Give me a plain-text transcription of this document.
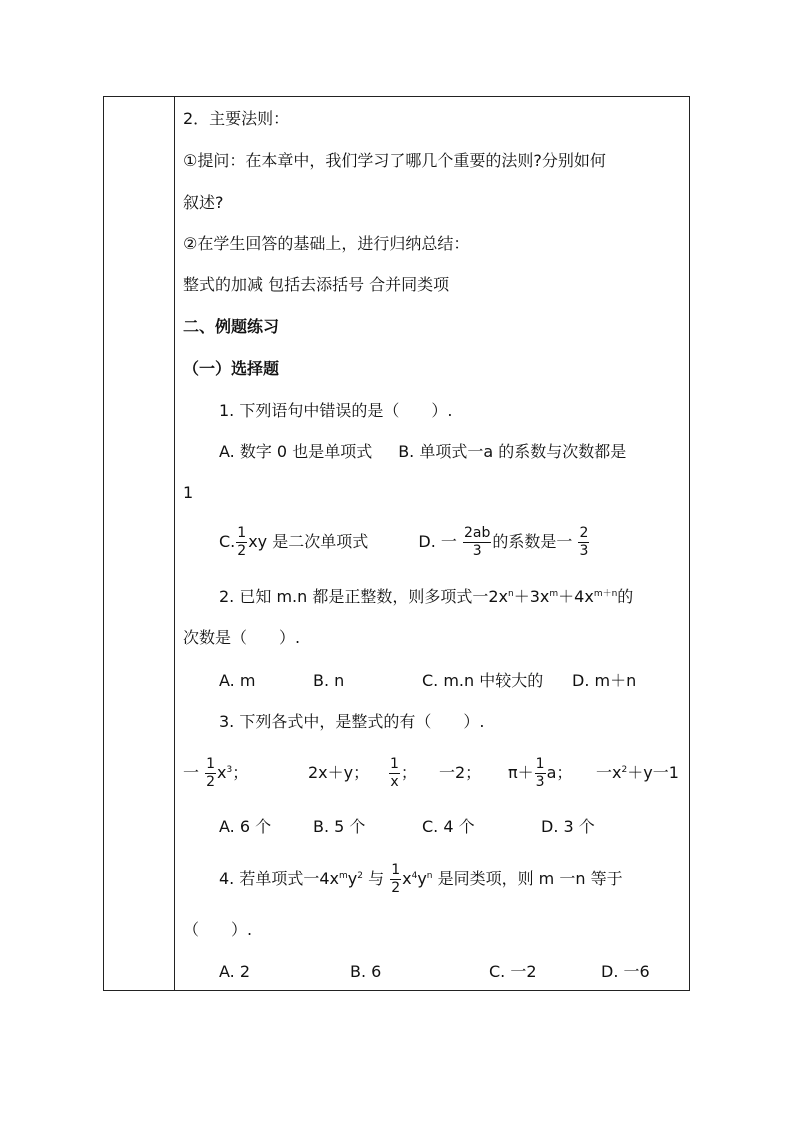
2．主要法则：
①提问：在本章中，我们学习了哪几个重要的法则?分别如何
叙述?
②在学生回答的基础上，进行归纳总结：
整式的加减 包括去添括号 合并同类项
二、例题练习
（一）选择题
1. 下列语句中错误的是（　　）.
A. 数字 0 也是单项式 B. 单项式一a 的系数与次数都是
1
C. $\frac{1}{2}$ xy 是二次单项式	D. 一 $\frac{2ab}{3}$ 的系数是一 $\frac{2}{3}$
2. 已知 m.n 都是正整数，则多项式一$2x^n+3x^m+4x^{m+n}$的
次数是（　　）.
A. m	B. n	C. m.n 中较大的 D. m＋n
3. 下列各式中，是整式的有（　　）.
一 $\frac{1}{2} x^3$；	2x＋y； $\frac{1}{x}$ ； 一2； $\pi+ \frac{1}{3}$ a； 一$x^2+y$一1
A. 6 个	B. 5 个	C. 4 个	D. 3 个
4. 若单项式一$4x^my^2$ 与 $\frac{1}{2} x^4y^n$ 是同类项，则 m 一n 等于
（　　）.
A. 2	B. 6	C. 一2	D. 一6
